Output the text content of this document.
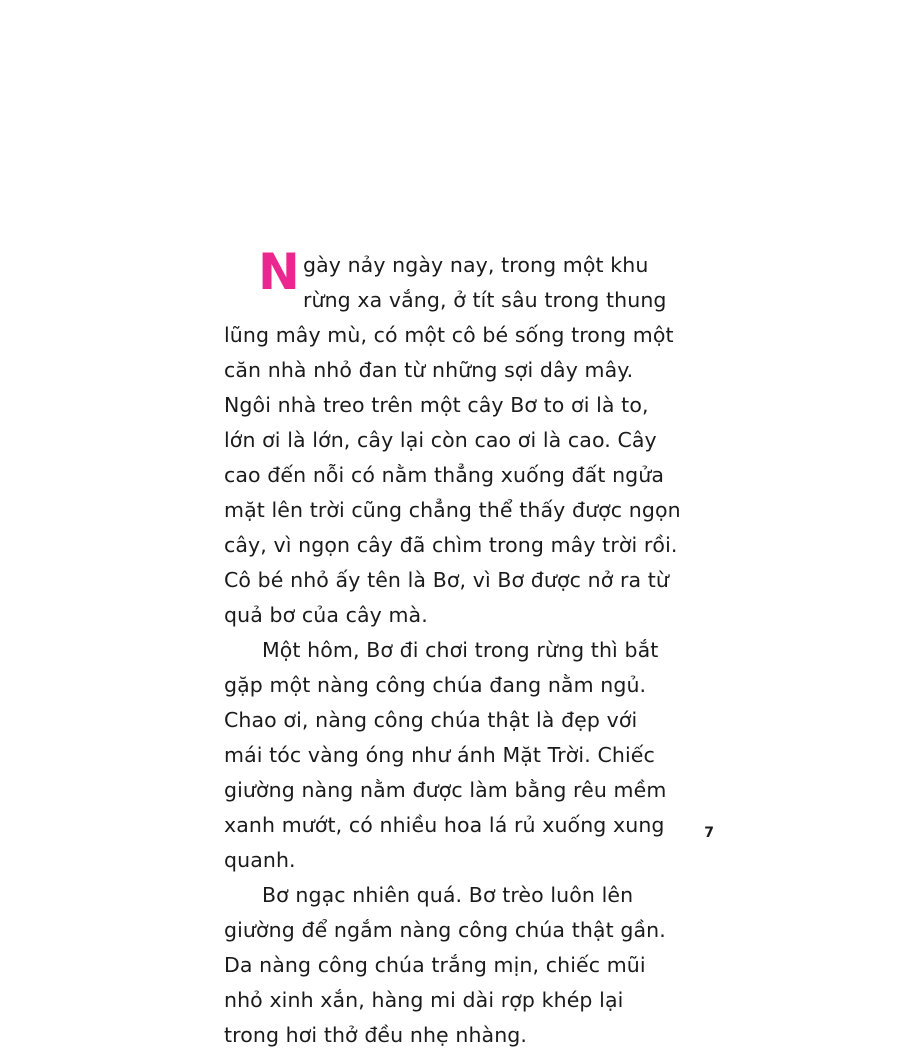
Ngày nảy ngày nay, trong một khu rừng xa vắng, ở tít sâu trong thung lũng mây mù, có một cô bé sống trong một căn nhà nhỏ đan từ những sợi dây mây. Ngôi nhà treo trên một cây Bơ to ơi là to, lớn ơi là lớn, cây lại còn cao ơi là cao. Cây cao đến nỗi có nằm thẳng xuống đất ngửa mặt lên trời cũng chẳng thể thấy được ngọn cây, vì ngọn cây đã chìm trong mây trời rồi. Cô bé nhỏ ấy tên là Bơ, vì Bơ được nở ra từ quả bơ của cây mà.

Một hôm, Bơ đi chơi trong rừng thì bắt gặp một nàng công chúa đang nằm ngủ. Chao ơi, nàng công chúa thật là đẹp với mái tóc vàng óng như ánh Mặt Trời. Chiếc giường nàng nằm được làm bằng rêu mềm xanh mướt, có nhiều hoa lá rủ xuống xung quanh.

Bơ ngạc nhiên quá. Bơ trèo luôn lên giường để ngắm nàng công chúa thật gần. Da nàng công chúa trắng mịn, chiếc mũi nhỏ xinh xắn, hàng mi dài rợp khép lại trong hơi thở đều nhẹ nhàng.

7
